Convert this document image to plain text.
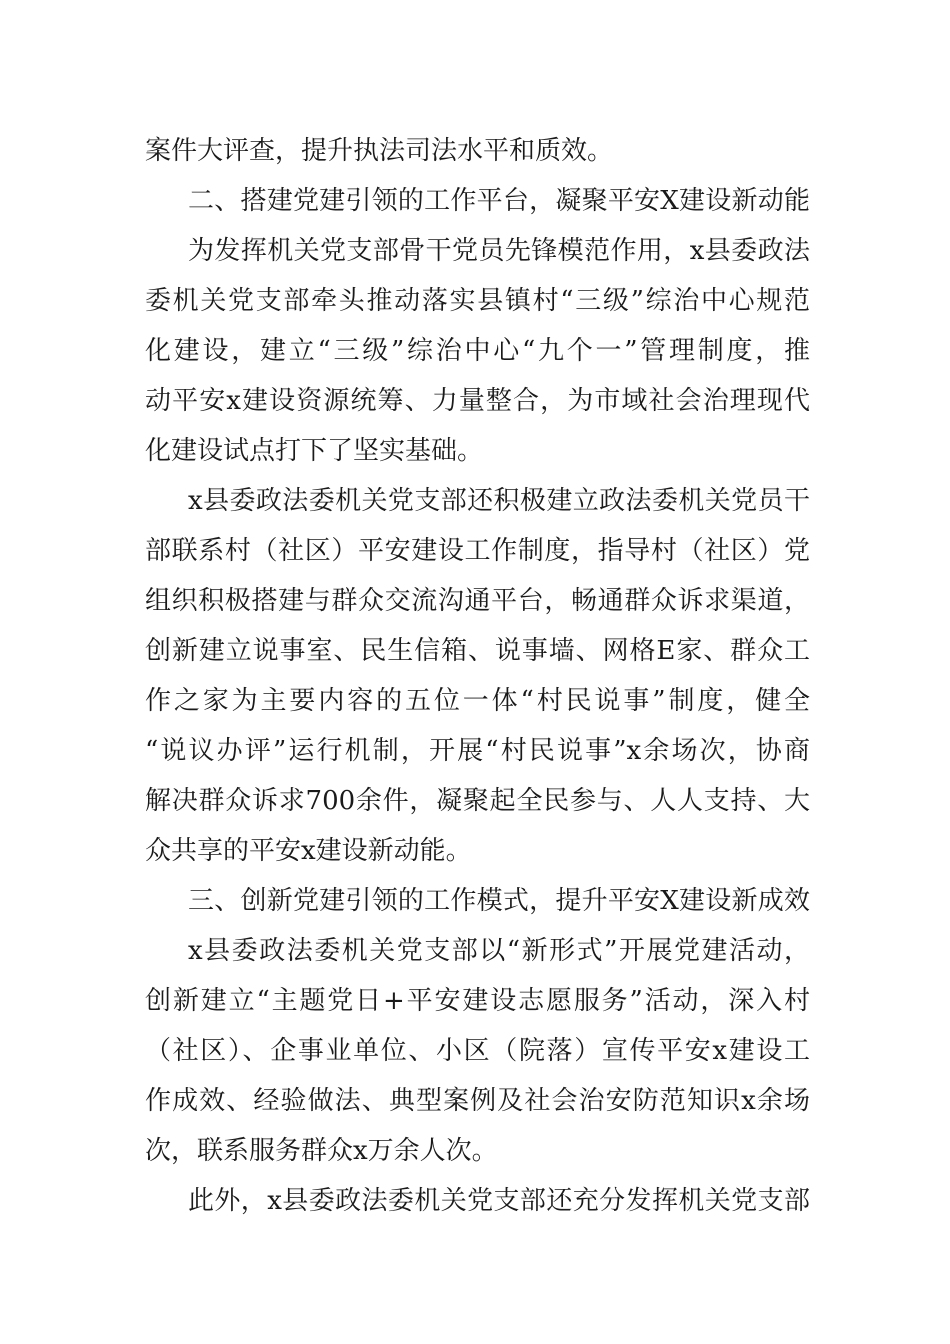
案件大评查，提升执法司法水平和质效。
二、搭建党建引领的工作平台，凝聚平安X建设新动能
为发挥机关党支部骨干党员先锋模范作用，x县委政法
委机关党支部牵头推动落实县镇村“三级”综治中心规范
化建设，建立“三级”综治中心“九个一”管理制度，推
动平安x建设资源统筹、力量整合，为市域社会治理现代
化建设试点打下了坚实基础。
x县委政法委机关党支部还积极建立政法委机关党员干
部联系村（社区）平安建设工作制度，指导村（社区）党
组织积极搭建与群众交流沟通平台，畅通群众诉求渠道，
创新建立说事室、民生信箱、说事墙、网格E家、群众工
作之家为主要内容的五位一体“村民说事”制度，健全
“说议办评”运行机制，开展“村民说事”x余场次，协商
解决群众诉求700余件，凝聚起全民参与、人人支持、大
众共享的平安x建设新动能。
三、创新党建引领的工作模式，提升平安X建设新成效
x县委政法委机关党支部以“新形式”开展党建活动，
创新建立“主题党日+平安建设志愿服务”活动，深入村
（社区）、企事业单位、小区（院落）宣传平安x建设工
作成效、经验做法、典型案例及社会治安防范知识x余场
次，联系服务群众x万余人次。
此外，x县委政法委机关党支部还充分发挥机关党支部
